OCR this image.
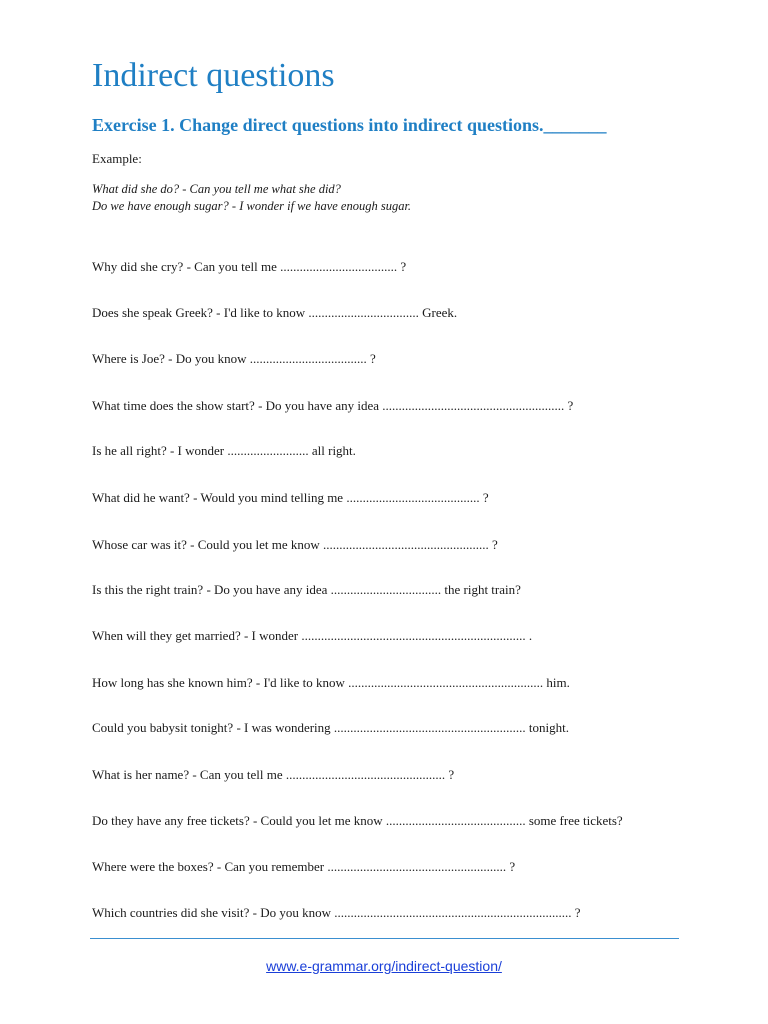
Indirect questions
Exercise 1. Change direct questions into indirect questions._______
Example:
What did she do? - Can you tell me what she did?
Do we have enough sugar? - I wonder if we have enough sugar.
Why did she cry? - Can you tell me .................................... ?
Does she speak Greek? - I'd like to know .................................. Greek.
Where is Joe? - Do you know .................................... ?
What time does the show start? - Do you have any idea ........................................................ ?
Is he all right? - I wonder ......................... all right.
What did he want? - Would you mind telling me ......................................... ?
Whose car was it? - Could you let me know ................................................... ?
Is this the right train? - Do you have any idea .................................. the right train?
When will they get married? - I wonder ..................................................................... .
How long has she known him? - I'd like to know ............................................................ him.
Could you babysit tonight? - I was wondering ........................................................... tonight.
What is her name? - Can you tell me ................................................. ?
Do they have any free tickets? - Could you let me know ........................................... some free tickets?
Where were the boxes? - Can you remember ....................................................... ?
Which countries did she visit? - Do you know ......................................................................... ?
www.e-grammar.org/indirect-question/
